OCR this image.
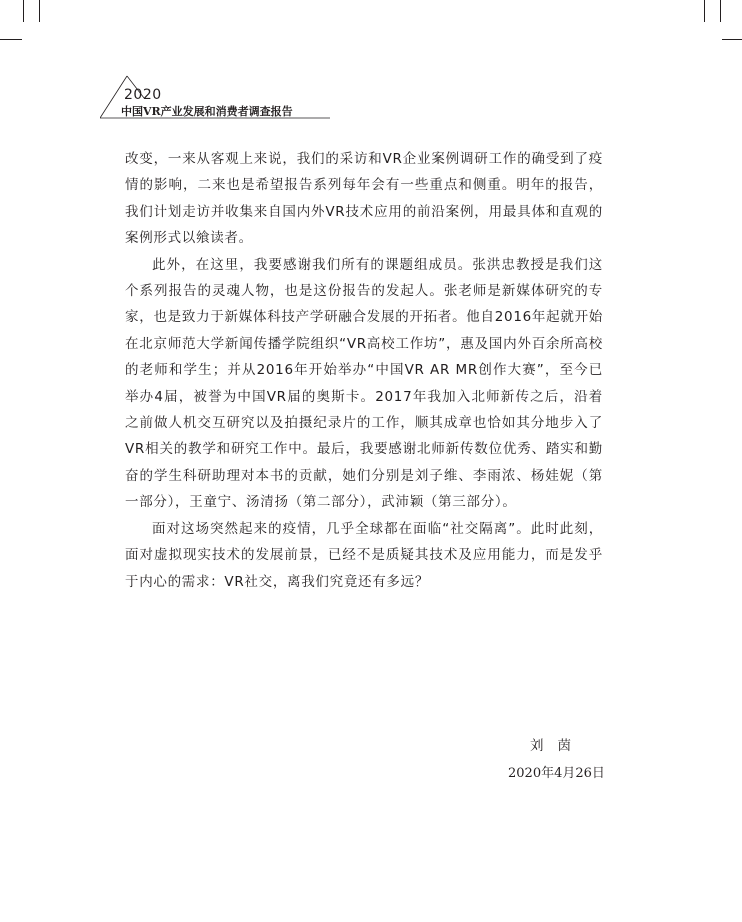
2020
中国VR产业发展和消费者调查报告

改变，一来从客观上来说，我们的采访和VR企业案例调研工作的确受到了疫情的影响，二来也是希望报告系列每年会有一些重点和侧重。明年的报告，我们计划走访并收集来自国内外VR技术应用的前沿案例，用最具体和直观的案例形式以飨读者。

此外，在这里，我要感谢我们所有的课题组成员。张洪忠教授是我们这个系列报告的灵魂人物，也是这份报告的发起人。张老师是新媒体研究的专家，也是致力于新媒体科技产学研融合发展的开拓者。他自2016年起就开始在北京师范大学新闻传播学院组织“VR高校工作坊”，惠及国内外百余所高校的老师和学生；并从2016年开始举办“中国VR AR MR创作大赛”，至今已举办4届，被誉为中国VR届的奥斯卡。2017年我加入北师新传之后，沿着之前做人机交互研究以及拍摄纪录片的工作，顺其成章也恰如其分地步入了VR相关的教学和研究工作中。最后，我要感谢北师新传数位优秀、踏实和勤奋的学生科研助理对本书的贡献，她们分别是刘子维、李雨浓、杨娃妮（第一部分），王童宁、汤清扬（第二部分），武沛颖（第三部分）。

面对这场突然起来的疫情，几乎全球都在面临“社交隔离”。此时此刻，面对虚拟现实技术的发展前景，已经不是质疑其技术及应用能力，而是发乎于内心的需求：VR社交，离我们究竟还有多远？

刘茵
2020年4月26日
